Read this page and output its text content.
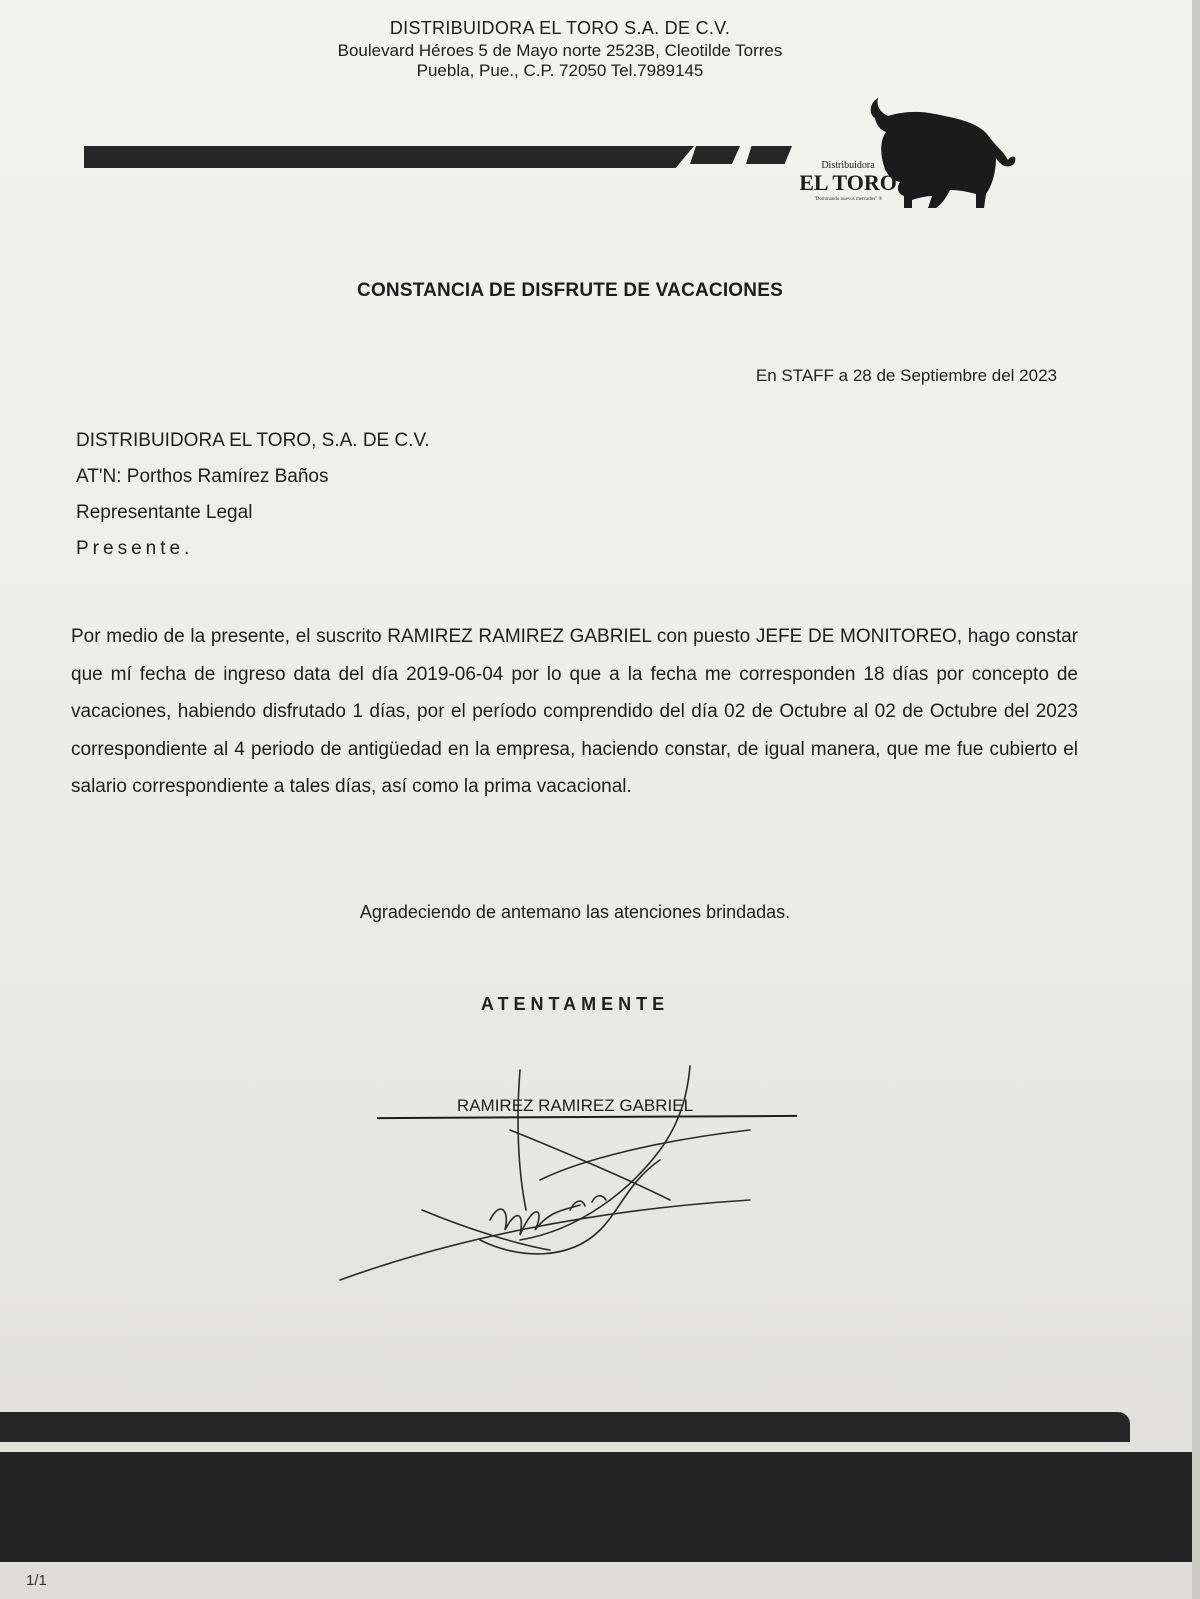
DISTRIBUIDORA EL TORO S.A. DE C.V.

Boulevard Héroes 5 de Mayo norte 2523B, Cleotilde Torres
Puebla, Pue., C.P. 72050 Tel.7989145
Distribuidora
EL TORO
"Dominando nuevos mercados" ®

CONSTANCIA DE DISFRUTE DE VACACIONES

En STAFF a 28 de Septiembre del 2023

DISTRIBUIDORA EL TORO, S.A. DE C.V.
AT'N: Porthos Ramírez Baños
Representante Legal
Presente.

Por medio de la presente, el suscrito RAMIREZ RAMIREZ GABRIEL con puesto JEFE DE MONITOREO, hago constar que mí fecha de ingreso data del día 2019-06-04 por lo que a la fecha me corresponden 18 días por concepto de vacaciones, habiendo disfrutado 1 días, por el período comprendido del día 02 de Octubre al 02 de Octubre del 2023 correspondiente al 4 periodo de antigüedad en la empresa, haciendo constar, de igual manera, que me fue cubierto el salario correspondiente a tales días, así como la prima vacacional.

Agradeciendo de antemano las atenciones brindadas.

ATENTAMENTE

RAMIREZ RAMIREZ GABRIEL

1/1
